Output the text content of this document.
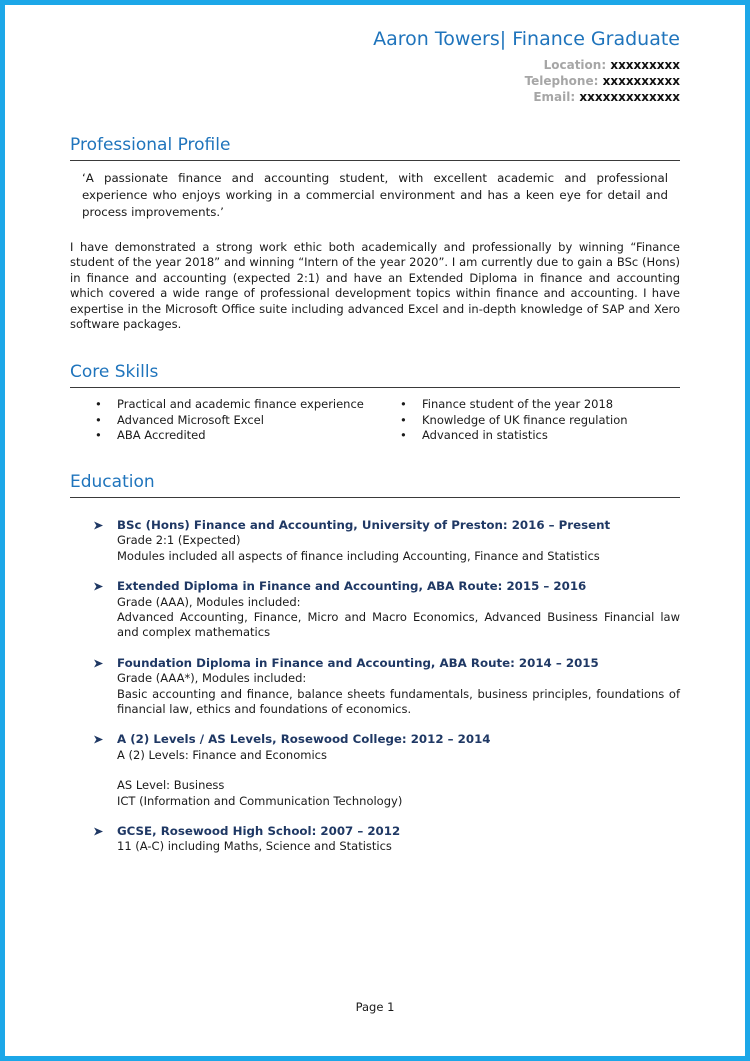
Aaron Towers| Finance Graduate
Location: xxxxxxxxx
Telephone: xxxxxxxxxx
Email: xxxxxxxxxxxxx
Professional Profile

‘A passionate finance and accounting student, with excellent academic and professional experience who enjoys working in a commercial environment and has a keen eye for detail and process improvements.’

I have demonstrated a strong work ethic both academically and professionally by winning “Finance student of the year 2018” and winning “Intern of the year 2020”. I am currently due to gain a BSc (Hons) in finance and accounting (expected 2:1) and have an Extended Diploma in finance and accounting which covered a wide range of professional development topics within finance and accounting. I have expertise in the Microsoft Office suite including advanced Excel and in-depth knowledge of SAP and Xero software packages.

Core Skills
• Practical and academic finance experience
• Advanced Microsoft Excel
• ABA Accredited
• Finance student of the year 2018
• Knowledge of UK finance regulation
• Advanced in statistics
Education
BSc (Hons) Finance and Accounting, University of Preston: 2016 – Present
Grade 2:1 (Expected)
Modules included all aspects of finance including Accounting, Finance and Statistics
Extended Diploma in Finance and Accounting, ABA Route: 2015 – 2016
Grade (AAA), Modules included:
Advanced Accounting, Finance, Micro and Macro Economics, Advanced Business Financial law and complex mathematics
Foundation Diploma in Finance and Accounting, ABA Route: 2014 – 2015
Grade (AAA*), Modules included:
Basic accounting and finance, balance sheets fundamentals, business principles, foundations of financial law, ethics and foundations of economics.
A (2) Levels / AS Levels, Rosewood College: 2012 – 2014
A (2) Levels: Finance and Economics
AS Level: Business
ICT (Information and Communication Technology)
GCSE, Rosewood High School: 2007 – 2012
11 (A-C) including Maths, Science and Statistics
Page 1
